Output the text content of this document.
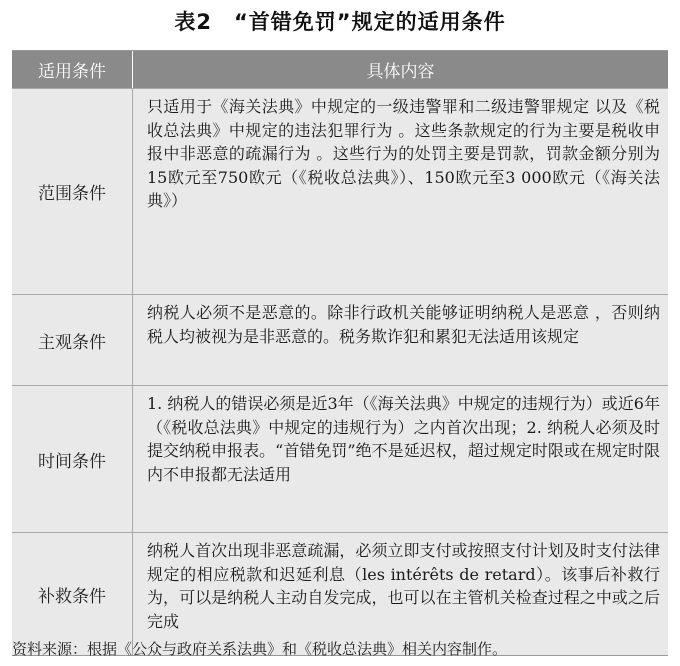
表2 “首错免罚”规定的适用条件
适用条件	具体内容
范围条件
只适用于《海关法典》中规定的一级违警罪和二级违警罪规定 以及《税收总法典》中规定的违法犯罪行为 。这些条款规定的行为主要是税收申报中非恶意的疏漏行为 。这些行为的处罚主要是罚款，罚款金额分别为15欧元至750欧元（《税收总法典》）、150欧元至3 000欧元（《海关法典》）
主观条件
纳税人必须不是恶意的。除非行政机关能够证明纳税人是恶意 ，否则纳税人均被视为是非恶意的。税务欺诈犯和累犯无法适用该规定
时间条件
1. 纳税人的错误必须是近3年（《海关法典》中规定的违规行为）或近6年（《税收总法典》中规定的违规行为）之内首次出现；2. 纳税人必须及时提交纳税申报表。“首错免罚”绝不是延迟权，超过规定时限或在规定时限内不申报都无法适用
补救条件
纳税人首次出现非恶意疏漏，必须立即支付或按照支付计划及时支付法律规定的相应税款和迟延利息（les intérêts de retard）。该事后补救行为，可以是纳税人主动自发完成，也可以在主管机关检查过程之中或之后完成
资料来源：根据《公众与政府关系法典》和《税收总法典》相关内容制作。
